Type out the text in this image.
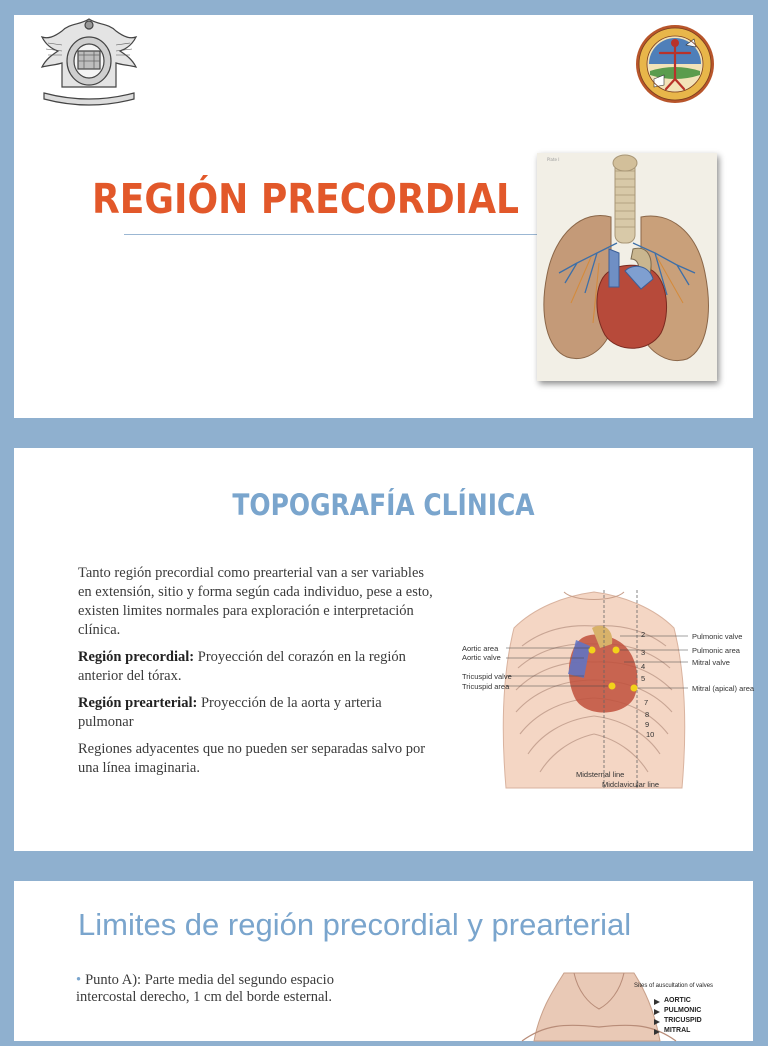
REGIÓN PRECORDIAL
Plate I
TOPOGRAFÍA CLÍNICA

Tanto región precordial como prearterial van a ser variables en extensión, sitio y forma según cada individuo, pese a esto, existen limites normales para exploración e interpretación clínica.

Región precordial: Proyección del corazón en la región anterior del tórax.

Región prearterial: Proyección de la aorta y arteria pulmonar

Regiones adyacentes que no pueden ser separadas salvo por una línea imaginaria.

Aortic area
Aortic valve
Tricuspid valve
Tricuspid area
Pulmonic valve
Pulmonic area
Mitral valve
Mitral (apical) area
Midsternal line
Midclavicular line
2
3
4
5
7
8
9
10
Limites de región precordial y prearterial
• Punto A): Parte media del segundo espacio intercostal derecho, 1 cm del borde esternal.
Sites of auscultation of valves
AORTIC
PULMONIC
TRICUSPID
MITRAL
